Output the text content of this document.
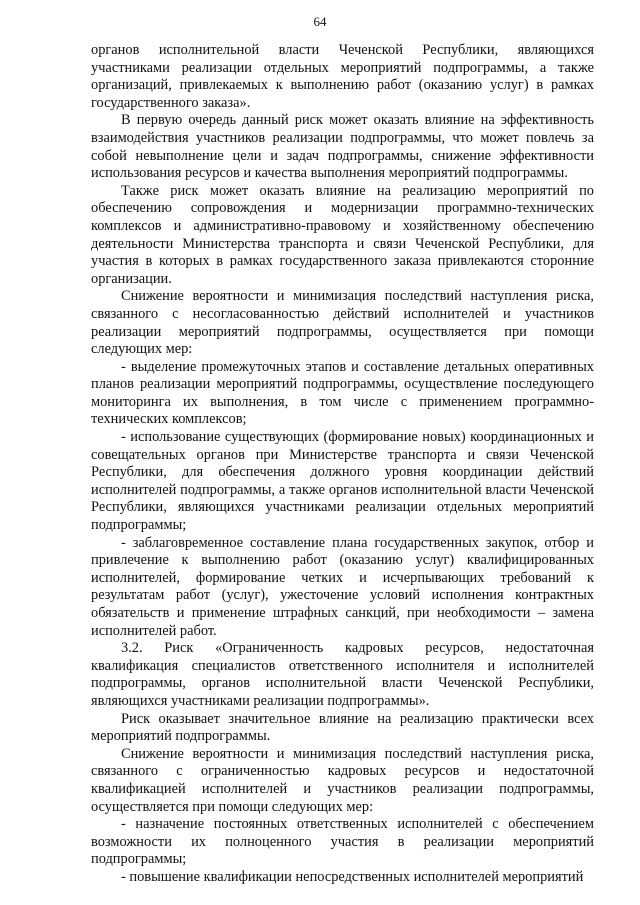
64

органов исполнительной власти Чеченской Республики, являющихся участниками реализации отдельных мероприятий подпрограммы, а также организаций, привлекаемых к выполнению работ (оказанию услуг) в рамках государственного заказа».

В первую очередь данный риск может оказать влияние на эффективность взаимодействия участников реализации подпрограммы, что может повлечь за собой невыполнение цели и задач подпрограммы, снижение эффективности использования ресурсов и качества выполнения мероприятий подпрограммы.

Также риск может оказать влияние на реализацию мероприятий по обеспечению сопровождения и модернизации программно-технических комплексов и административно-правовому и хозяйственному обеспечению деятельности Министерства транспорта и связи Чеченской Республики, для участия в которых в рамках государственного заказа привлекаются сторонние организации.

Снижение вероятности и минимизация последствий наступления риска, связанного с несогласованностью действий исполнителей и участников реализации мероприятий подпрограммы, осуществляется при помощи следующих мер:

- выделение промежуточных этапов и составление детальных оперативных планов реализации мероприятий подпрограммы, осуществление последующего мониторинга их выполнения, в том числе с применением программно-технических комплексов;

- использование существующих (формирование новых) координационных и совещательных органов при Министерстве транспорта и связи Чеченской Республики, для обеспечения должного уровня координации действий исполнителей подпрограммы, а также органов исполнительной власти Чеченской Республики, являющихся участниками реализации отдельных мероприятий подпрограммы;

- заблаговременное составление плана государственных закупок, отбор и привлечение к выполнению работ (оказанию услуг) квалифицированных исполнителей, формирование четких и исчерпывающих требований к результатам работ (услуг), ужесточение условий исполнения контрактных обязательств и применение штрафных санкций, при необходимости – замена исполнителей работ.

3.2. Риск «Ограниченность кадровых ресурсов, недостаточная квалификация специалистов ответственного исполнителя и исполнителей подпрограммы, органов исполнительной власти Чеченской Республики, являющихся участниками реализации подпрограммы».

Риск оказывает значительное влияние на реализацию практически всех мероприятий подпрограммы.

Снижение вероятности и минимизация последствий наступления риска, связанного с ограниченностью кадровых ресурсов и недостаточной квалификацией исполнителей и участников реализации подпрограммы, осуществляется при помощи следующих мер:

- назначение постоянных ответственных исполнителей с обеспечением возможности их полноценного участия в реализации мероприятий подпрограммы;

- повышение квалификации непосредственных исполнителей мероприятий
